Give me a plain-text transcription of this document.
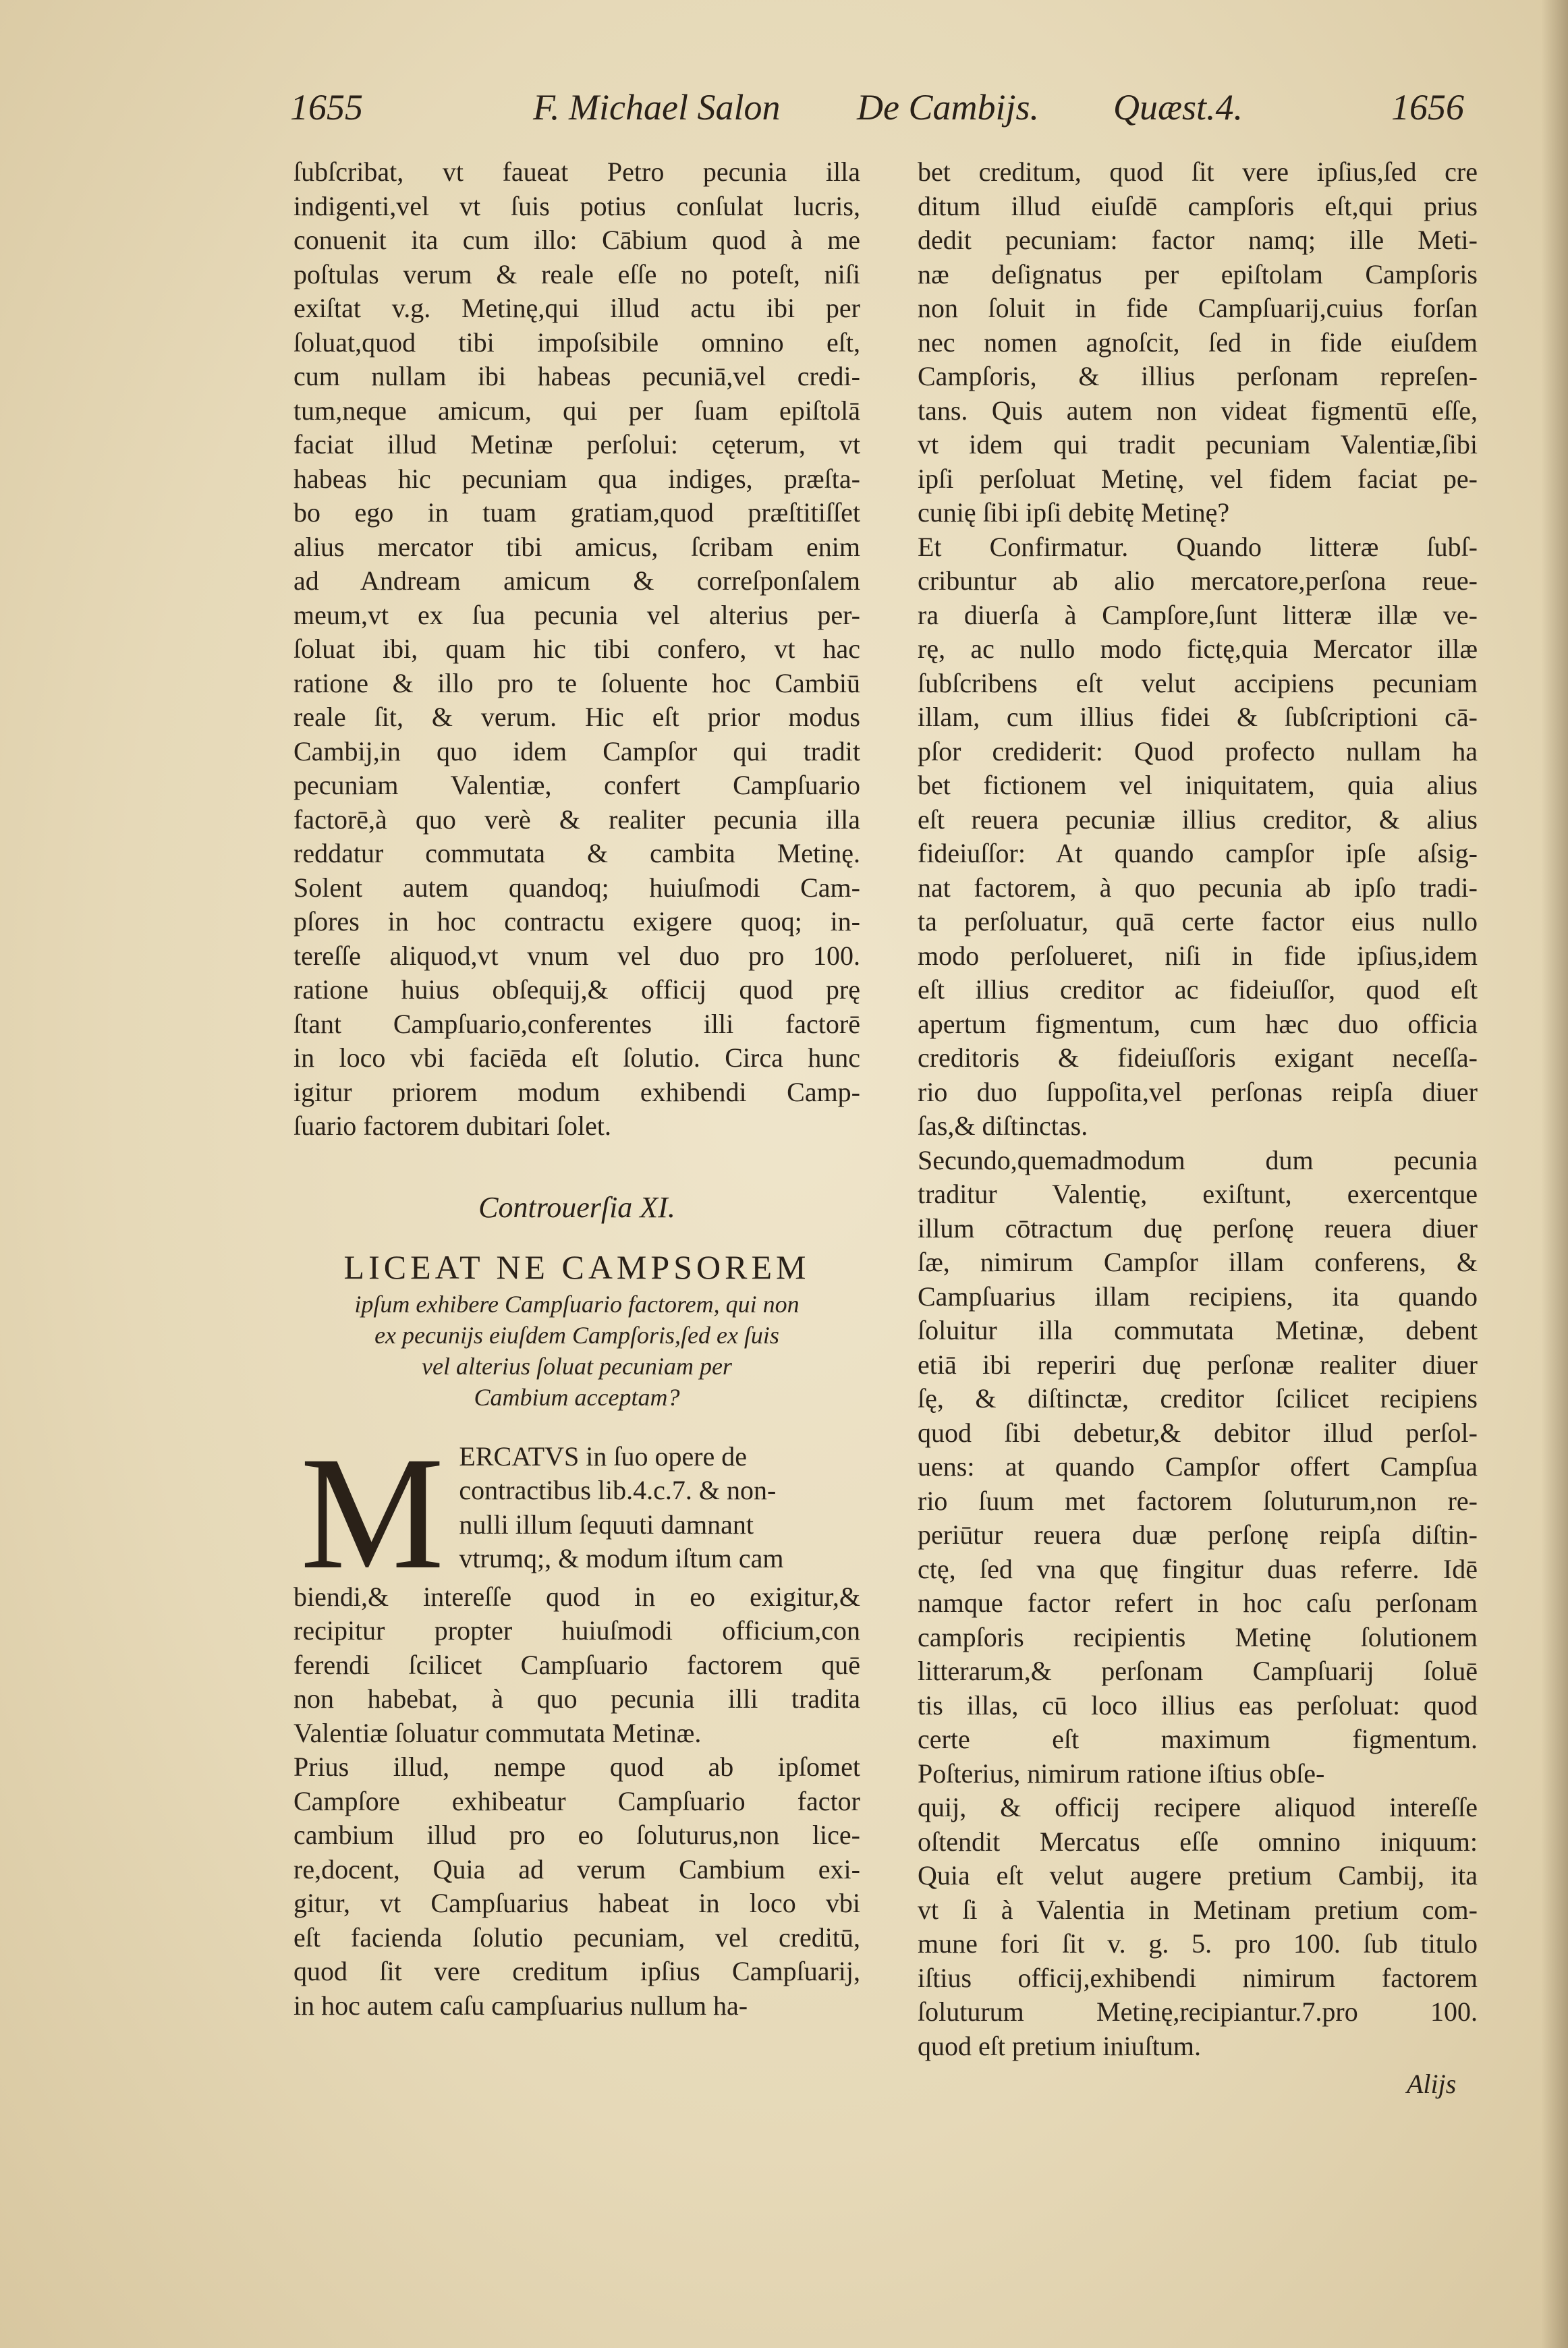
1655	F. Michael Salon De Cambijs. Quæst.4.	1656
ſubſcribat, vt faueat Petro pecunia illa
indigenti,vel vt ſuis potius conſulat lucris,
conuenit ita cum illo: Cābium quod à me
poſtulas verum & reale eſſe no poteſt, niſi
exiſtat v.g. Metinę,qui illud actu ibi per
ſoluat,quod tibi impoſsibile omnino eſt,
cum nullam ibi habeas pecuniā,vel credi-
tum,neque amicum, qui per ſuam epiſtolā
faciat illud Metinæ perſolui: cęterum, vt
habeas hic pecuniam qua indiges, præſta-
bo ego in tuam gratiam,quod præſtitiſſet
alius mercator tibi amicus, ſcribam enim
ad Andream amicum & correſponſalem
meum,vt ex ſua pecunia vel alterius per-
ſoluat ibi, quam hic tibi confero, vt hac
ratione & illo pro te ſoluente hoc Cambiū
reale ſit, & verum. Hic eſt prior modus
Cambij,in quo idem Campſor qui tradit
pecuniam Valentiæ, confert Campſuario
factorē,à quo verè & realiter pecunia illa
reddatur commutata & cambita Metinę.
Solent autem quandoq; huiuſmodi Cam-
pſores in hoc contractu exigere quoq; in-
tereſſe aliquod,vt vnum vel duo pro 100.
ratione huius obſequij,& officij quod prę
ſtant Campſuario,conferentes illi factorē
in loco vbi faciēda eſt ſolutio. Circa hunc
igitur priorem modum exhibendi Camp-
ſuario factorem dubitari ſolet.
Controuerſia XI.
LICEAT NE CAMPSOREM
ipſum exhibere Campſuario factorem, qui non
ex pecunijs eiuſdem Campſoris,ſed ex ſuis
vel alterius ſoluat pecuniam per
Cambium acceptam?
M ERCATVS in ſuo opere de
contractibus lib.4.c.7. & non-
nulli illum ſequuti damnant
vtrumq;, & modum iſtum cam
biendi,& intereſſe quod in eo exigitur,&
recipitur propter huiuſmodi officium,con
ferendi ſcilicet Campſuario factorem quē
non habebat, à quo pecunia illi tradita
Valentiæ ſoluatur commutata Metinæ.
Prius illud, nempe quod ab ipſomet
Campſore exhibeatur Campſuario factor
cambium illud pro eo ſoluturus,non lice-
re,docent, Quia ad verum Cambium exi-
gitur, vt Campſuarius habeat in loco vbi
eſt facienda ſolutio pecuniam, vel creditū,
quod ſit vere creditum ipſius Campſuarij,
in hoc autem caſu campſuarius nullum ha-
bet creditum, quod ſit vere ipſius,ſed cre
ditum illud eiuſdē campſoris eſt,qui prius
dedit pecuniam: factor namq; ille Meti-
næ deſignatus per epiſtolam Campſoris
non ſoluit in fide Campſuarij,cuius forſan
nec nomen agnoſcit, ſed in fide eiuſdem
Campſoris, & illius perſonam repreſen-
tans. Quis autem non videat figmentū eſſe,
vt idem qui tradit pecuniam Valentiæ,ſibi
ipſi perſoluat Metinę, vel fidem faciat pe-
cunię ſibi ipſi debitę Metinę?
Et Confirmatur. Quando litteræ ſubſ-
cribuntur ab alio mercatore,perſona reue-
ra diuerſa à Campſore,ſunt litteræ illæ ve-
rę, ac nullo modo fictę,quia Mercator illæ
ſubſcribens eſt velut accipiens pecuniam
illam, cum illius fidei & ſubſcriptioni cā-
pſor crediderit: Quod profecto nullam ha
bet fictionem vel iniquitatem, quia alius
eſt reuera pecuniæ illius creditor, & alius
fideiuſſor: At quando campſor ipſe aſsig-
nat factorem, à quo pecunia ab ipſo tradi-
ta perſoluatur, quā certe factor eius nullo
modo perſolueret, niſi in fide ipſius,idem
eſt illius creditor ac fideiuſſor, quod eſt
apertum figmentum, cum hæc duo officia
creditoris & fideiuſſoris exigant neceſſa-
rio duo ſuppoſita,vel perſonas reipſa diuer
ſas,& diſtinctas.
Secundo,quemadmodum dum pecunia
traditur Valentię, exiſtunt, exercentque
illum cōtractum duę perſonę reuera diuer
ſæ, nimirum Campſor illam conferens, &
Campſuarius illam recipiens, ita quando
ſoluitur illa commutata Metinæ, debent
etiā ibi reperiri duę perſonæ realiter diuer
ſę, & diſtinctæ, creditor ſcilicet recipiens
quod ſibi debetur,& debitor illud perſol-
uens: at quando Campſor offert Campſua
rio ſuum met factorem ſoluturum,non re-
periūtur reuera duæ perſonę reipſa diſtin-
ctę, ſed vna quę fingitur duas referre. Idē
namque factor refert in hoc caſu perſonam
campſoris recipientis Metinę ſolutionem
litterarum,& perſonam Campſuarij ſoluē
tis illas, cū loco illius eas perſoluat: quod
certe eſt maximum figmentum.
Poſterius, nimirum ratione iſtius obſe-
quij, & officij recipere aliquod intereſſe
oſtendit Mercatus eſſe omnino iniquum:
Quia eſt velut augere pretium Cambij, ita
vt ſi à Valentia in Metinam pretium com-
mune fori ſit v. g. 5. pro 100. ſub titulo
iſtius officij,exhibendi nimirum factorem
ſoluturum Metinę,recipiantur.7.pro 100.
quod eſt pretium iniuſtum.
Alijs
